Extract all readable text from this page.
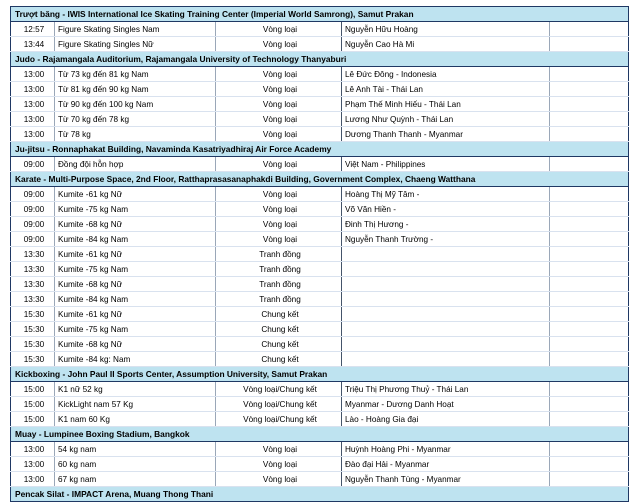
Trượt băng - IWIS International Ice Skating Training Center (Imperial World Samrong), Samut Prakan				
12:57	Figure Skating Singles Nam	Vòng loại	Nguyễn Hữu Hoàng	
13:44	Figure Skating Singles Nữ	Vòng loại	Nguyễn Cao Hà Mi	
Judo - Rajamangala Auditorium, Rajamangala University of Technology Thanyaburi				
13:00	Từ 73 kg đến 81 kg Nam	Vòng loại	Lê Đức Đông - Indonesia	
13:00	Từ 81 kg đến 90 kg Nam	Vòng loại	Lê Anh Tài - Thái Lan	
13:00	Từ 90 kg đến 100 kg Nam	Vòng loại	Phạm Thế Minh Hiếu - Thái Lan	
13:00	Từ 70 kg đến 78 kg	Vòng loại	Lương Như Quỳnh - Thái Lan	
13:00	Từ 78 kg	Vòng loại	Dương Thanh Thanh - Myanmar	
Ju-jitsu - Ronnaphakat Building, Navaminda Kasatriyadhiraj Air Force Academy				
09:00	Đồng đội hỗn hợp	Vòng loại	Việt Nam - Philippines	
Karate - Multi-Purpose Space, 2nd Floor, Ratthaprasasanaphakdi Building, Government Complex, Chaeng Watthana				
09:00	Kumite -61 kg Nữ	Vòng loại	Hoàng Thị Mỹ Tâm -	
09:00	Kumite -75 kg Nam	Vòng loại	Võ Văn Hiền -	
09:00	Kumite -68 kg Nữ	Vòng loại	Đinh Thị Hương -	
09:00	Kumite -84 kg Nam	Vòng loại	Nguyễn Thanh Trường -	
13:30	Kumite -61 kg Nữ	Tranh đồng		
13:30	Kumite -75 kg Nam	Tranh đồng		
13:30	Kumite -68 kg Nữ	Tranh đồng		
13:30	Kumite -84 kg Nam	Tranh đồng		
15:30	Kumite -61 kg Nữ	Chung kết		
15:30	Kumite -75 kg Nam	Chung kết		
15:30	Kumite -68 kg Nữ	Chung kết		
15:30	Kumite -84 kg: Nam	Chung kết		
Kickboxing - John Paul II Sports Center, Assumption University, Samut Prakan				
15:00	K1 nữ 52 kg	Vòng loại/Chung kết	Triệu Thị Phương Thuỷ - Thái Lan	
15:00	KickLight nam 57 Kg	Vòng loại/Chung kết	Myanmar - Dương Danh Hoạt	
15:00	K1 nam 60 Kg	Vòng loại/Chung kết	Lào - Hoàng Gia đại	
Muay - Lumpinee Boxing Stadium, Bangkok				
13:00	54 kg nam	Vòng loại	Huỳnh Hoàng Phi - Myanmar	
13:00	60 kg nam	Vòng loại	Đào đại Hải - Myanmar	
13:00	67 kg nam	Vòng loại	Nguyễn Thanh Tùng - Myanmar	
Pencak Silat - IMPACT Arena, Muang Thong Thani				
